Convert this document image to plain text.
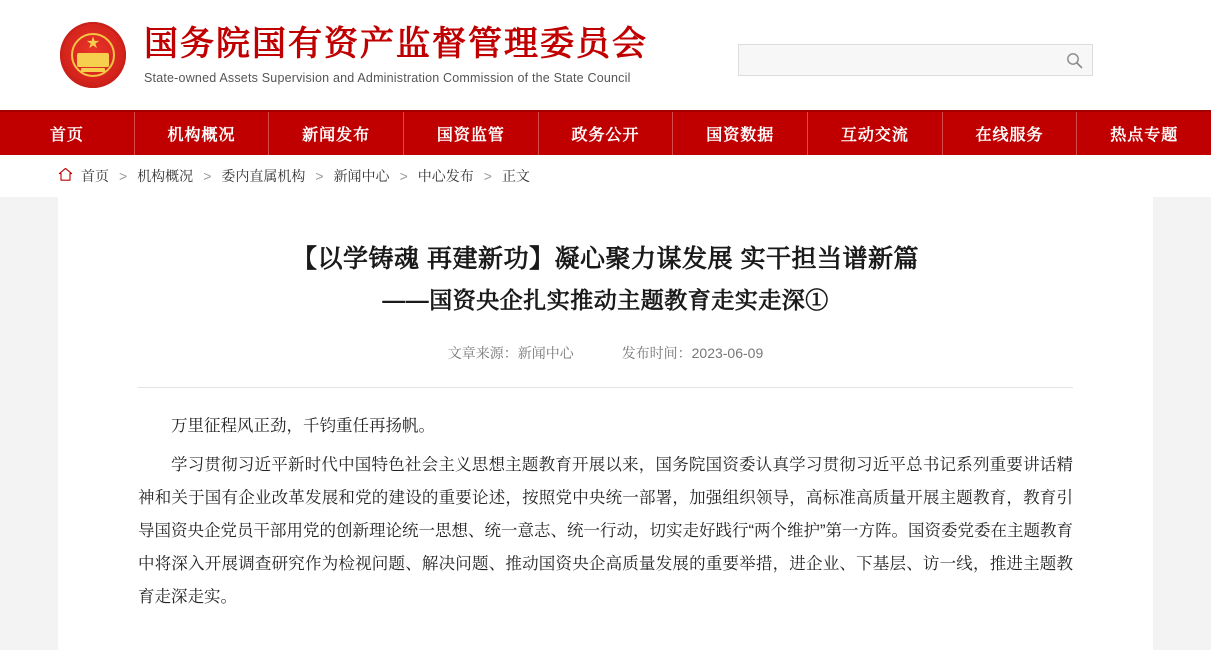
★ 国务院国有资产监督管理委员会
State-owned Assets Supervision and Administration Commission of the State Council
首页	机构概况	新闻发布	国资监管	政务公开	国资数据	互动交流	在线服务	热点专题
首页 > 机构概况 > 委内直属机构 > 新闻中心 > 中心发布 > 正文
【以学铸魂 再建新功】凝心聚力谋发展 实干担当谱新篇
——国资央企扎实推动主题教育走实走深①
文章来源：新闻中心	发布时间：2023-06-09

万里征程风正劲，千钧重任再扬帆。

学习贯彻习近平新时代中国特色社会主义思想主题教育开展以来，国务院国资委认真学习贯彻习近平总书记系列重要讲话精神和关于国有企业改革发展和党的建设的重要论述，按照党中央统一部署，加强组织领导，高标准高质量开展主题教育，教育引导国资央企党员干部用党的创新理论统一思想、统一意志、统一行动，切实走好践行“两个维护”第一方阵。国资委党委在主题教育中将深入开展调查研究作为检视问题、解决问题、推动国资央企高质量发展的重要举措，进企业、下基层、访一线，推进主题教育走深走实。
